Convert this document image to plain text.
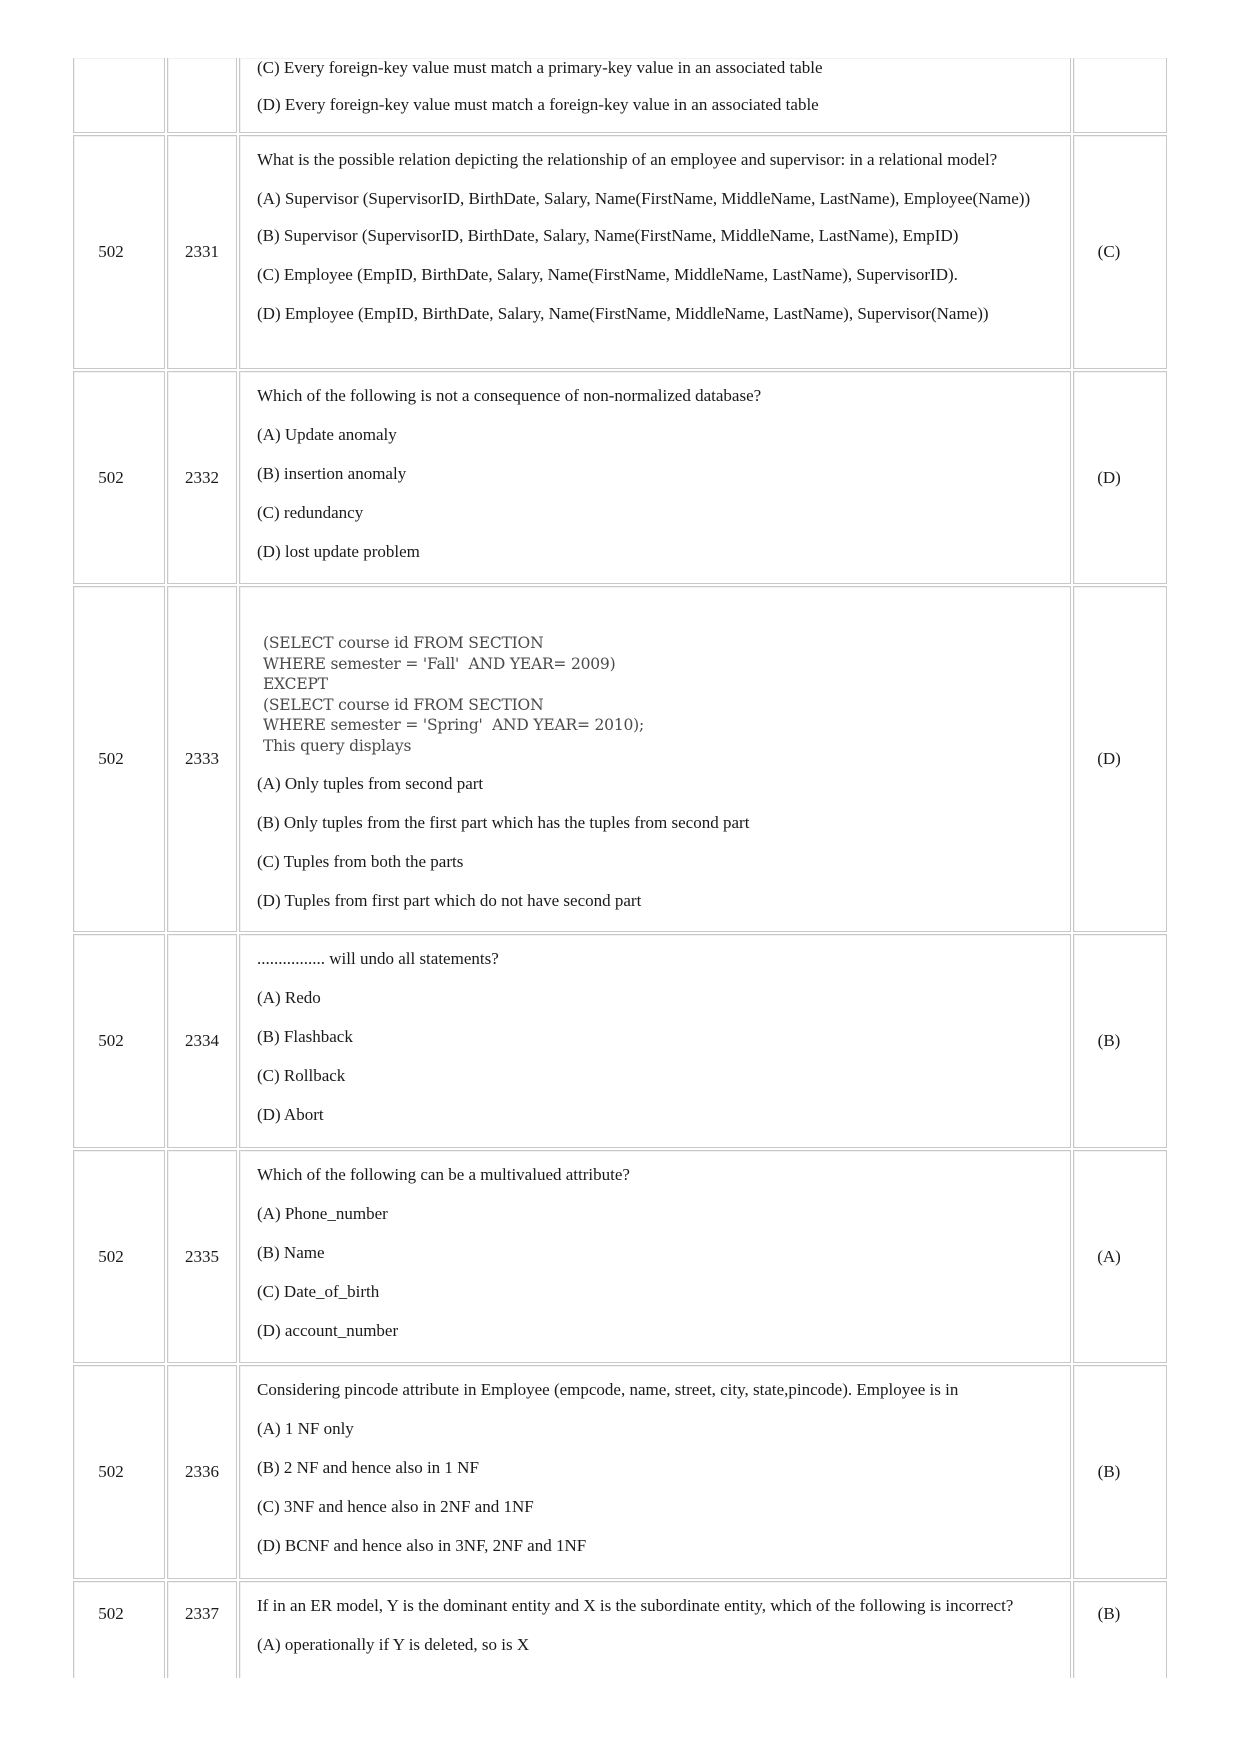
(C) Every foreign-key value must match a primary-key value in an associated table

(D) Every foreign-key value must match a foreign-key value in an associated table

502	2331

What is the possible relation depicting the relationship of an employee and supervisor: in a relational model?

(A) Supervisor (SupervisorID, BirthDate, Salary, Name(FirstName, MiddleName, LastName), Employee(Name))

(B) Supervisor (SupervisorID, BirthDate, Salary, Name(FirstName, MiddleName, LastName), EmpID)

(C) Employee (EmpID, BirthDate, Salary, Name(FirstName, MiddleName, LastName), SupervisorID).

(D) Employee (EmpID, BirthDate, Salary, Name(FirstName, MiddleName, LastName), Supervisor(Name))

(C)
502	2332

Which of the following is not a consequence of non-normalized database?

(A) Update anomaly

(B) insertion anomaly

(C) redundancy

(D) lost update problem

(D)
502	2333
(SELECT course id FROM SECTION
WHERE semester = 'Fall'  AND YEAR= 2009)
EXCEPT
(SELECT course id FROM SECTION
WHERE semester = 'Spring'  AND YEAR= 2010);
This query displays

(A) Only tuples from second part

(B) Only tuples from the first part which has the tuples from second part

(C) Tuples from both the parts

(D) Tuples from first part which do not have second part

(D)
502	2334

................ will undo all statements?

(A) Redo

(B) Flashback

(C) Rollback

(D) Abort

(B)
502	2335

Which of the following can be a multivalued attribute?

(A) Phone_number

(B) Name

(C) Date_of_birth

(D) account_number

(A)
502	2336

Considering pincode attribute in Employee (empcode, name, street, city, state,pincode). Employee is in

(A) 1 NF only

(B) 2 NF and hence also in 1 NF

(C) 3NF and hence also in 2NF and 1NF

(D) BCNF and hence also in 3NF, 2NF and 1NF

(B)
502	2337	If in an ER model, Y is the dominant entity and X is the subordinate entity, which of the following is incorrect?

(A) operationally if Y is deleted, so is X

(B)
